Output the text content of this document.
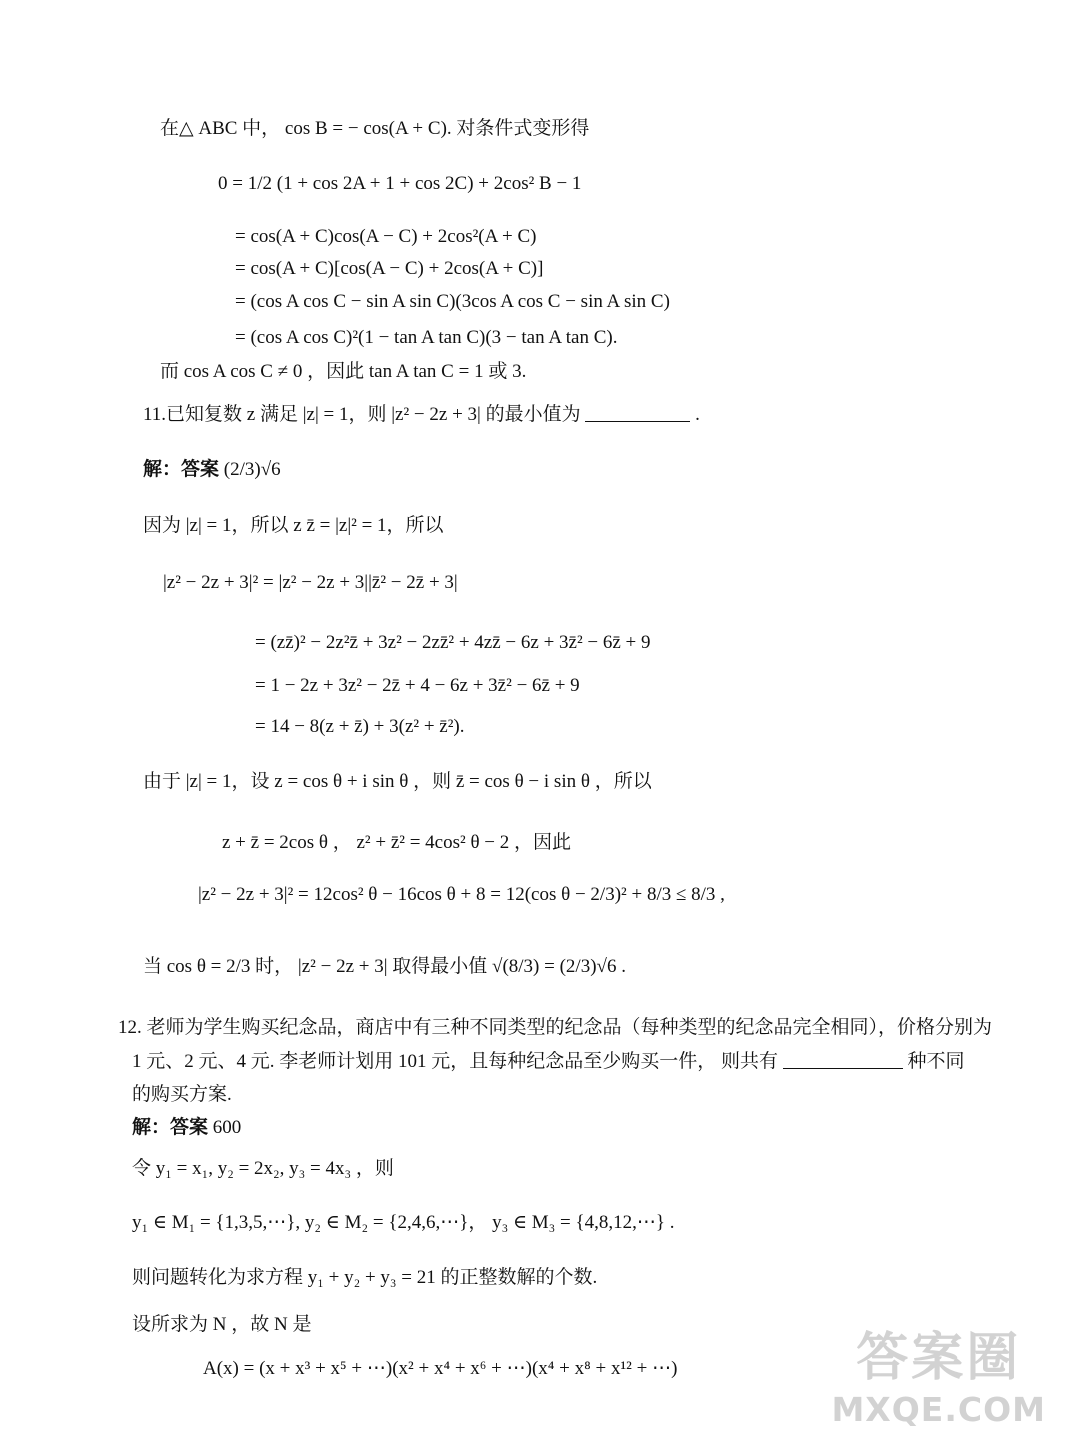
在△ ABC 中， cos B = − cos(A + C). 对条件式变形得
0 = 1/2 (1 + cos 2A + 1 + cos 2C) + 2cos² B − 1
= cos(A + C)cos(A − C) + 2cos²(A + C)
= cos(A + C)[cos(A − C) + 2cos(A + C)]
= (cos A cos C − sin A sin C)(3cos A cos C − sin A sin C)
= (cos A cos C)²(1 − tan A tan C)(3 − tan A tan C).
而 cos A cos C ≠ 0 ，因此 tan A tan C = 1 或 3.
11.已知复数 z 满足 |z| = 1，则 |z² − 2z + 3| 的最小值为	.
解：答案 (2/3)√6
因为 |z| = 1，所以 z z̄ = |z|² = 1，所以
|z² − 2z + 3|² = |z² − 2z + 3||z̄² − 2z̄ + 3|
= (zz̄)² − 2z²z̄ + 3z² − 2zz̄² + 4zz̄ − 6z + 3z̄² − 6z̄ + 9
= 1 − 2z + 3z² − 2z̄ + 4 − 6z + 3z̄² − 6z̄ + 9
= 14 − 8(z + z̄) + 3(z² + z̄²).
由于 |z| = 1，设 z = cos θ + i sin θ ，则 z̄ = cos θ − i sin θ ，所以
z + z̄ = 2cos θ ， z² + z̄² = 4cos² θ − 2 ，因此
|z² − 2z + 3|² = 12cos² θ − 16cos θ + 8 = 12(cos θ − 2/3)² + 8/3 ≤ 8/3 ,
当 cos θ = 2/3 时， |z² − 2z + 3| 取得最小值 √(8/3) = (2/3)√6 .
12. 老师为学生购买纪念品，商店中有三种不同类型的纪念品（每种类型的纪念品完全相同），价格分别为
1 元、2 元、4 元. 李老师计划用 101 元，且每种纪念品至少购买一件， 则共有	种不同
的购买方案.
解：答案 600
令 y₁ = x₁, y₂ = 2x₂, y₃ = 4x₃ ，则
y₁ ∈ M₁ = {1,3,5,⋯}, y₂ ∈ M₂ = {2,4,6,⋯}， y₃ ∈ M₃ = {4,8,12,⋯} .
则问题转化为求方程 y₁ + y₂ + y₃ = 21 的正整数解的个数.
设所求为 N ，故 N 是
A(x) = (x + x³ + x⁵ + ⋯)(x² + x⁴ + x⁶ + ⋯)(x⁴ + x⁸ + x¹² + ⋯)	答案圈
MXQE.COM
